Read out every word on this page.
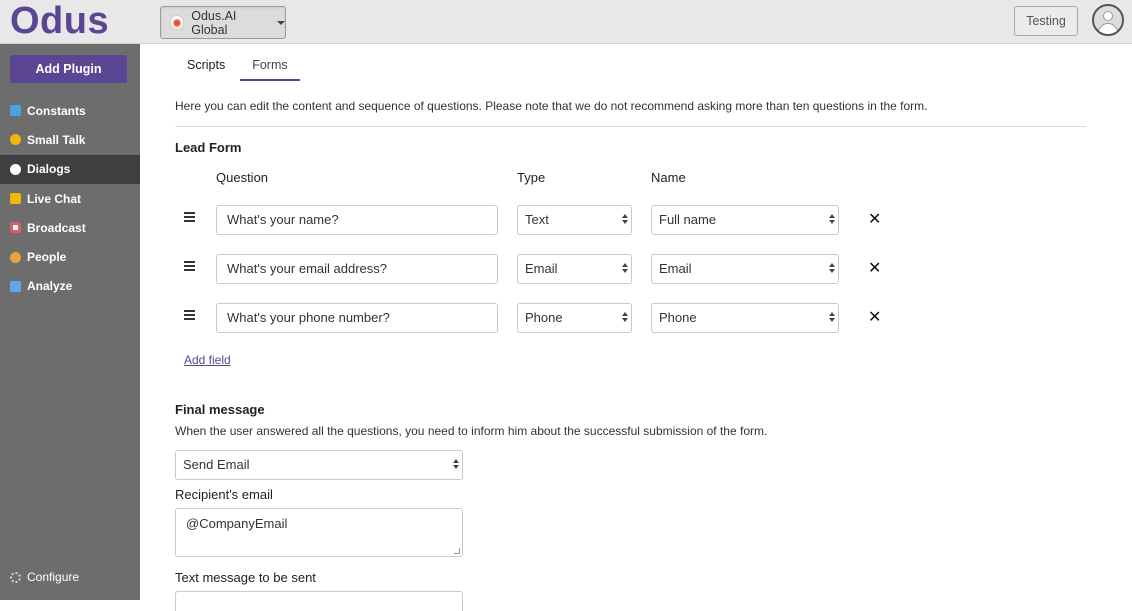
Odus	Odus.AI Global
Testing
Add Plugin
Constants
Small Talk
Dialogs
Live Chat
Broadcast
People
Analyze
Configure
Scripts	Forms
Here you can edit the content and sequence of questions. Please note that we do not recommend asking more than ten questions in the form.
Lead Form
Question	Type	Name
What's your name?	Text	Full name	✕
What's your email address?	Email	Email	✕
What's your phone number?	Phone	Phone	✕
Add field
Final message
When the user answered all the questions, you need to inform him about the successful submission of the form.
Send Email
Recipient's email
@CompanyEmail
Text message to be sent
